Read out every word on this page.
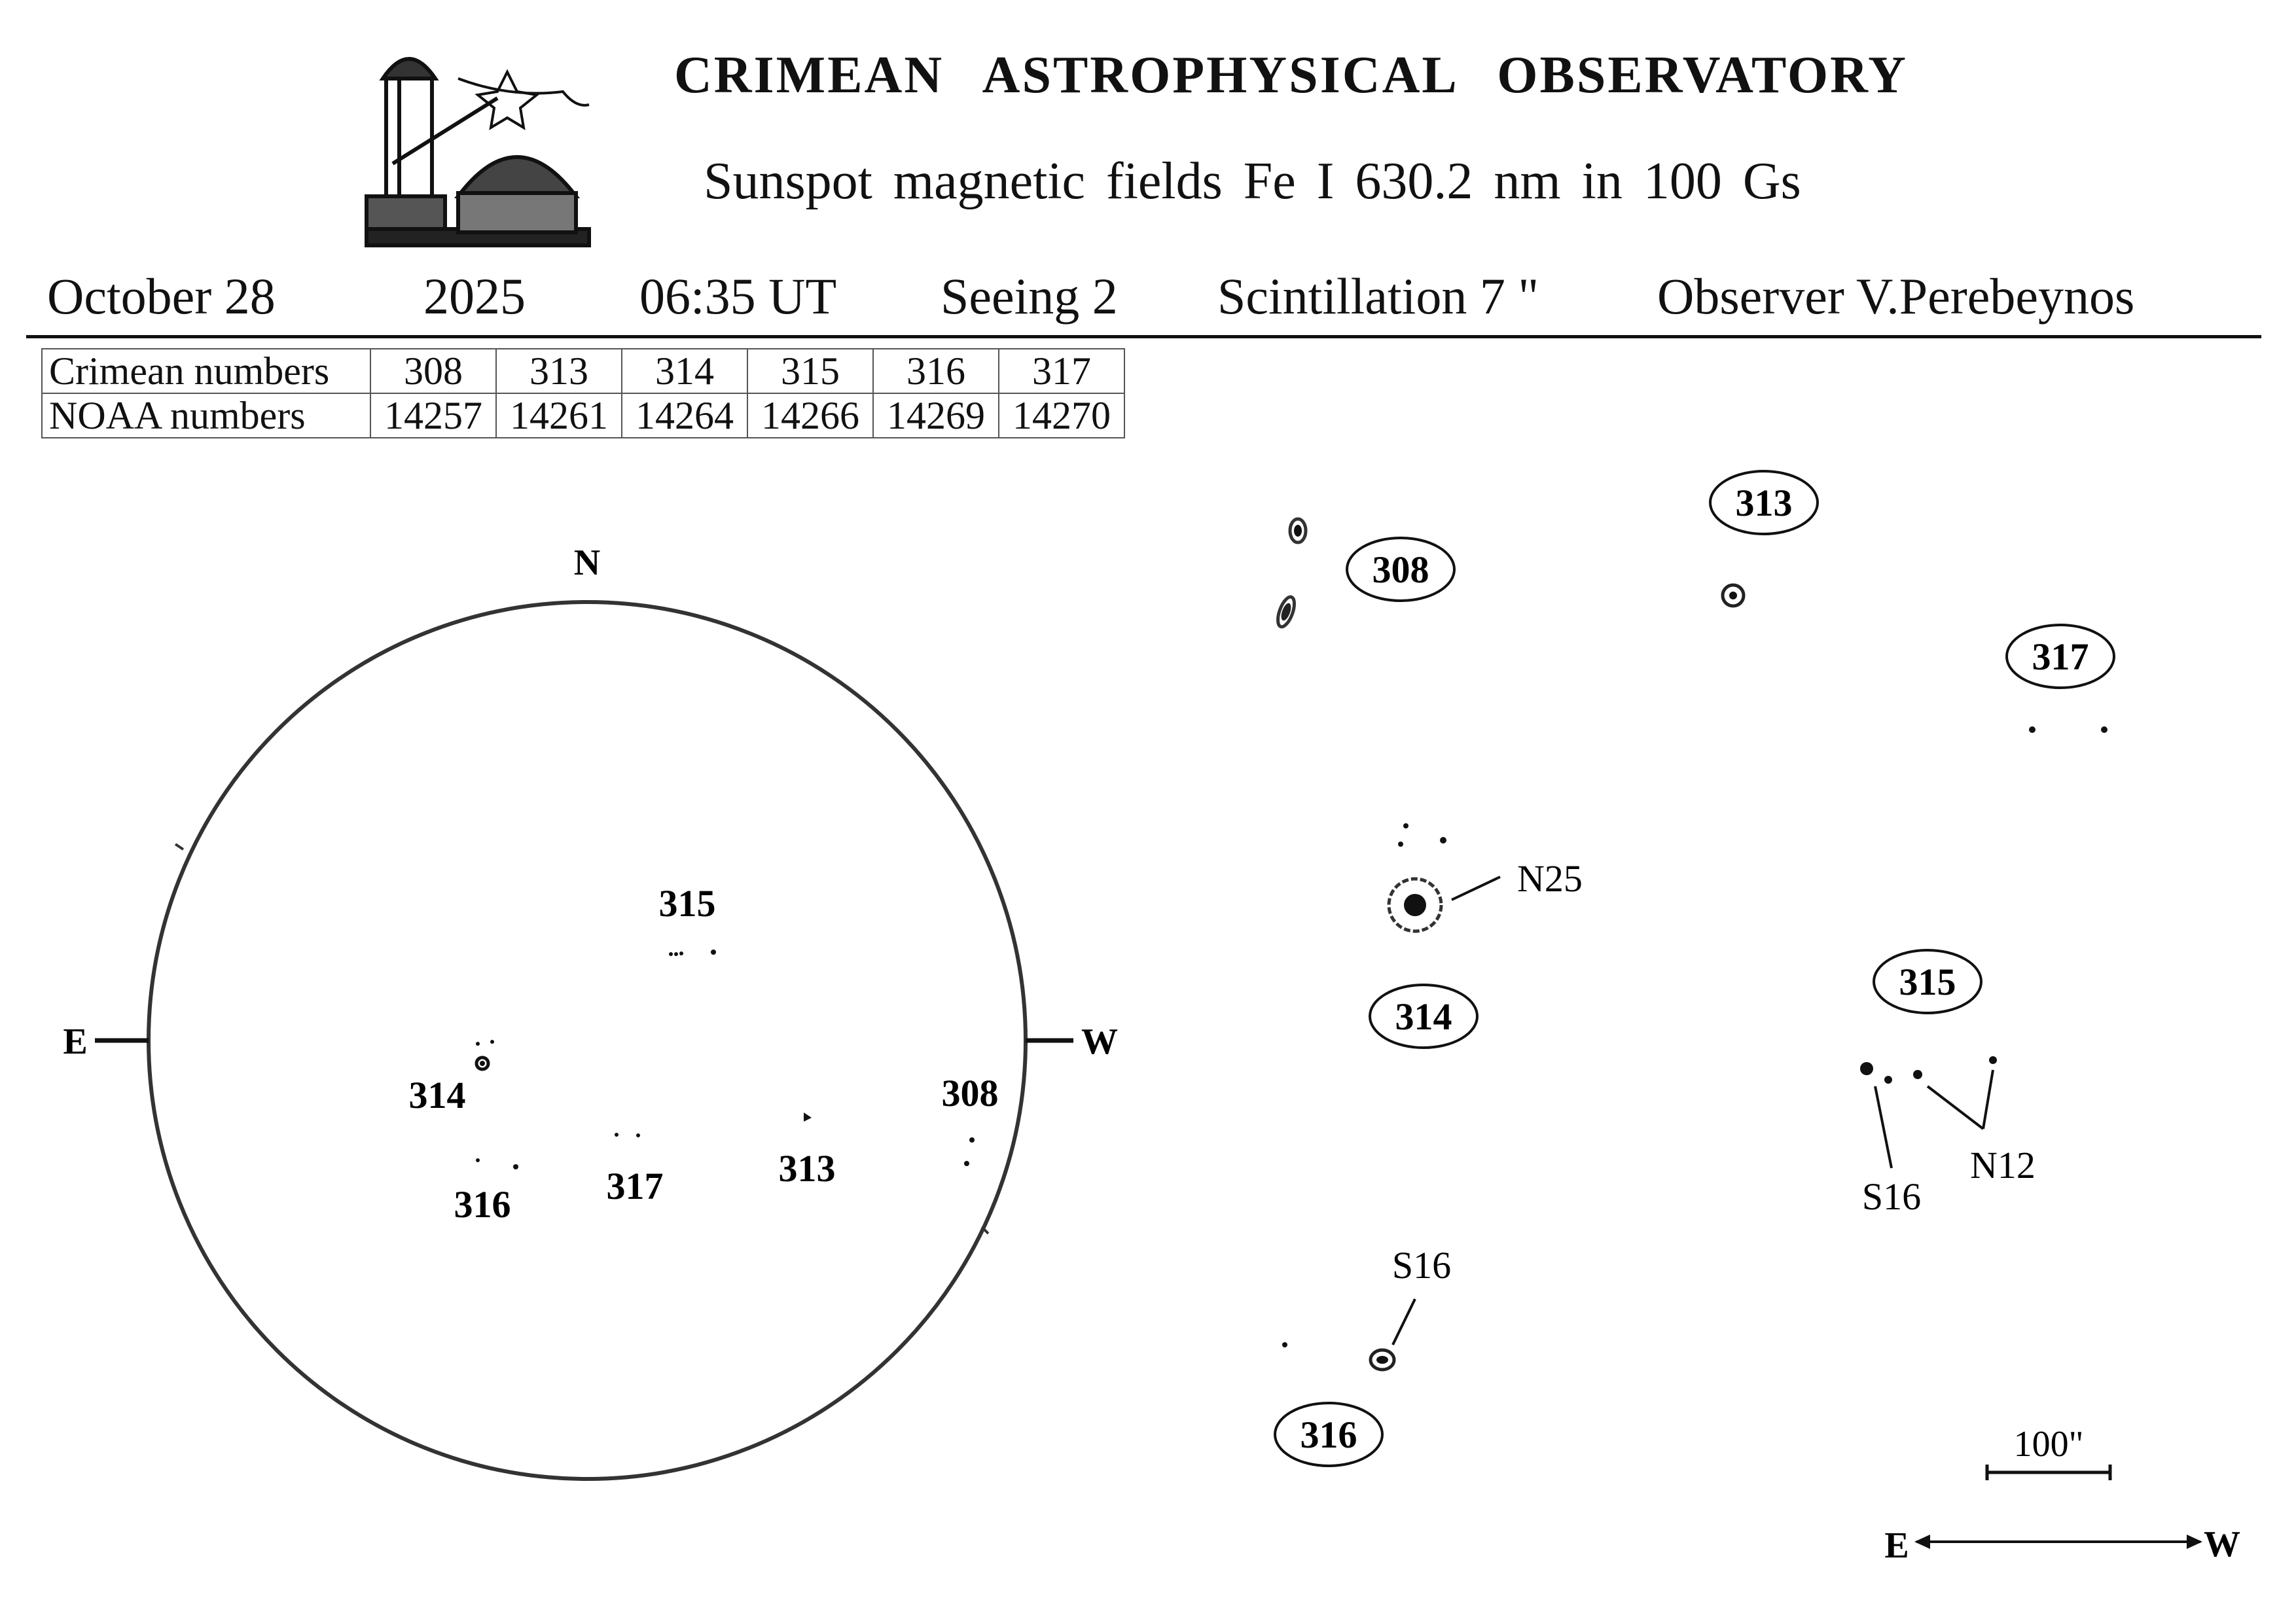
CRIMEAN ASTROPHYSICAL OBSERVATORY
Sunspot magnetic fields Fe I 630.2 nm in 100 Gs
October 28	2025 06:35 UT Seeing 2 Scintillation 7 " Observer V.Perebeynos
Crimean numbers	308	313	314	315	316	317
NOAA numbers	14257	14261	14264	14266	14269	14270
N
E	W
315
314
316	317	313
308
308
313
317
N25
314
315
S16
N12
S16
316	100"
E	W
